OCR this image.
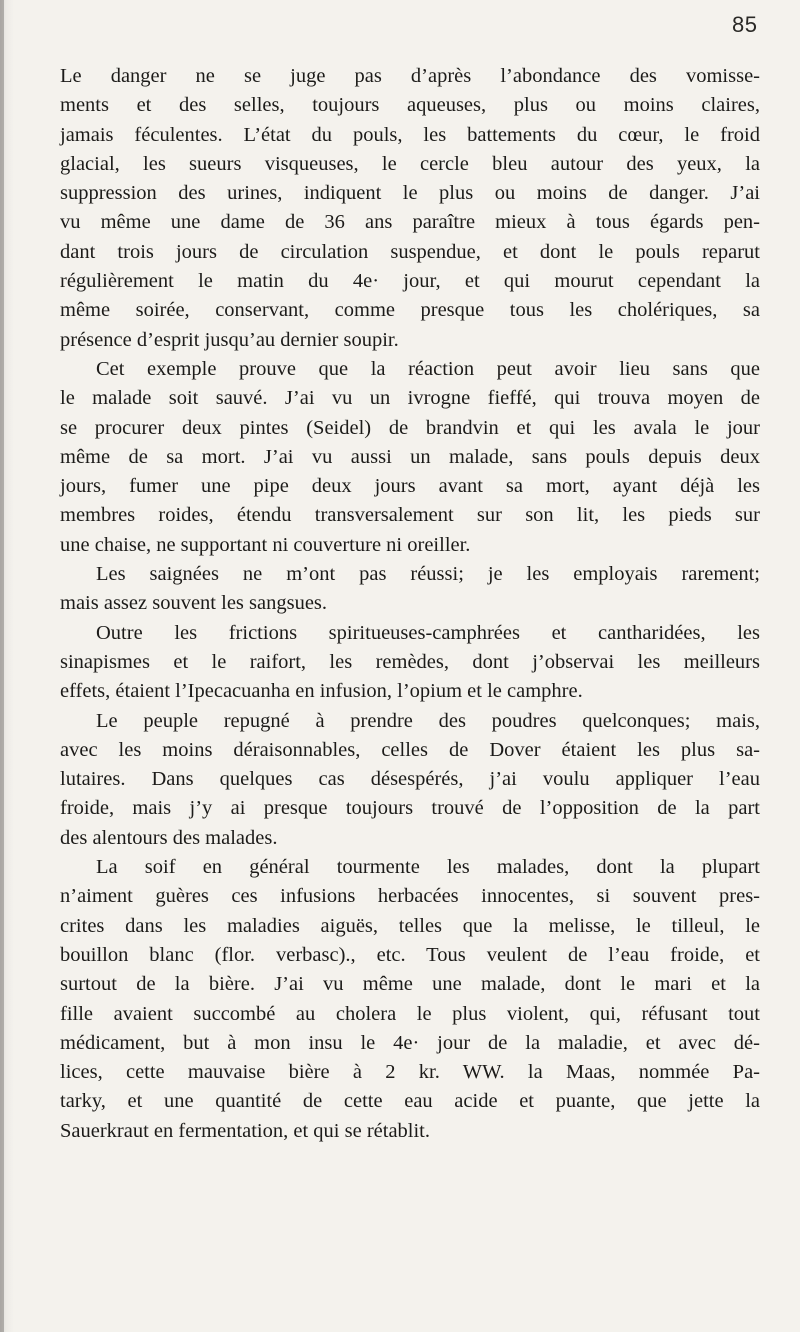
85
Le danger ne se juge pas d’après l’abondance des vomisse-
ments et des selles, toujours aqueuses, plus ou moins claires,
jamais féculentes. L’état du pouls, les battements du cœur, le froid
glacial, les sueurs visqueuses, le cercle bleu autour des yeux, la
suppression des urines, indiquent le plus ou moins de danger. J’ai
vu même une dame de 36 ans paraître mieux à tous égards pen-
dant trois jours de circulation suspendue, et dont le pouls reparut
régulièrement le matin du 4e· jour, et qui mourut cependant la
même soirée, conservant, comme presque tous les cholériques, sa
présence d’esprit jusqu’au dernier soupir.
Cet exemple prouve que la réaction peut avoir lieu sans que
le malade soit sauvé. J’ai vu un ivrogne fieffé, qui trouva moyen de
se procurer deux pintes (Seidel) de brandvin et qui les avala le jour
même de sa mort. J’ai vu aussi un malade, sans pouls depuis deux
jours, fumer une pipe deux jours avant sa mort, ayant déjà les
membres roides, étendu transversalement sur son lit, les pieds sur
une chaise, ne supportant ni couverture ni oreiller.
Les saignées ne m’ont pas réussi; je les employais rarement;
mais assez souvent les sangsues.
Outre les frictions spiritueuses-camphrées et cantharidées, les
sinapismes et le raifort, les remèdes, dont j’observai les meilleurs
effets, étaient l’Ipecacuanha en infusion, l’opium et le camphre.
Le peuple repugné à prendre des poudres quelconques; mais,
avec les moins déraisonnables, celles de Dover étaient les plus sa-
lutaires. Dans quelques cas désespérés, j’ai voulu appliquer l’eau
froide, mais j’y ai presque toujours trouvé de l’opposition de la part
des alentours des malades.
La soif en général tourmente les malades, dont la plupart
n’aiment guères ces infusions herbacées innocentes, si souvent pres-
crites dans les maladies aiguës, telles que la melisse, le tilleul, le
bouillon blanc (flor. verbasc)., etc. Tous veulent de l’eau froide, et
surtout de la bière. J’ai vu même une malade, dont le mari et la
fille avaient succombé au cholera le plus violent, qui, réfusant tout
médicament, but à mon insu le 4e· jour de la maladie, et avec dé-
lices, cette mauvaise bière à 2 kr. WW. la Maas, nommée Pa-
tarky, et une quantité de cette eau acide et puante, que jette la
Sauerkraut en fermentation, et qui se rétablit.
